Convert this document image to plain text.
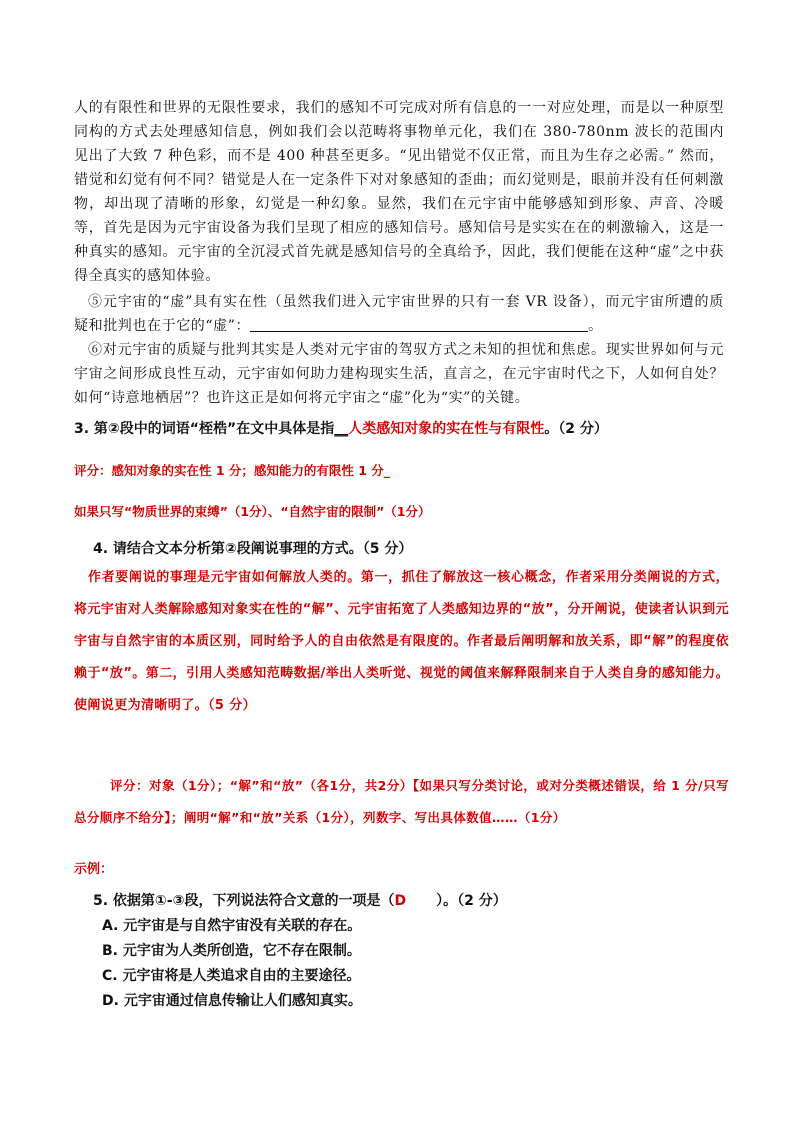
人的有限性和世界的无限性要求，我们的感知不可完成对所有信息的一一对应处理，而是以一种原型同构的方式去处理感知信息，例如我们会以范畴将事物单元化，我们在 380-780nm 波长的范围内见出了大致 7 种色彩，而不是 400 种甚至更多。“见出错觉不仅正常，而且为生存之必需。” 然而，错觉和幻觉有何不同？错觉是人在一定条件下对对象感知的歪曲；而幻觉则是，眼前并没有任何刺激物，却出现了清晰的形象，幻觉是一种幻象。显然，我们在元宇宙中能够感知到形象、声音、冷暖等，首先是因为元宇宙设备为我们呈现了相应的感知信号。感知信号是实实在在的刺激输入，这是一种真实的感知。元宇宙的全沉浸式首先就是感知信号的全真给予，因此，我们便能在这种“虚”之中获得全真实的感知体验。

⑤元宇宙的“虚”具有实在性（虽然我们进入元宇宙世界的只有一套 VR 设备），而元宇宙所遭的质疑和批判也在于它的“虚”：	。

⑥对元宇宙的质疑与批判其实是人类对元宇宙的驾驭方式之未知的担忧和焦虑。现实世界如何与元宇宙之间形成良性互动，元宇宙如何助力建构现实生活，直言之，在元宇宙时代之下，人如何自处？如何“诗意地栖居”？也许这正是如何将元宇宙之“虚”化为“实”的关键。

3. 第②段中的词语“桎梏”在文中具体是指__人类感知对象的实在性与有限性。（2 分）

评分：感知对象的实在性 1 分；感知能力的有限性 1 分_

如果只写“物质世界的束缚”（1分）、“自然宇宙的限制”（1分）

4. 请结合文本分析第②段阐说事理的方式。（5 分）

作者要阐说的事理是元宇宙如何解放人类的。第一，抓住了解放这一核心概念，作者采用分类阐说的方式，将元宇宙对人类解除感知对象实在性的“解”、元宇宙拓宽了人类感知边界的“放”，分开阐说，使读者认识到元宇宙与自然宇宙的本质区别，同时给予人的自由依然是有限度的。作者最后阐明解和放关系，即“解”的程度依赖于“放”。第二，引用人类感知范畴数据/举出人类听觉、视觉的阈值来解释限制来自于人类自身的感知能力。使阐说更为清晰明了。（5 分）

评分：对象（1分）；“解”和“放”（各1分，共2分）【如果只写分类讨论，或对分类概述错误，给 1 分/只写总分顺序不给分】；阐明“解”和“放”关系（1分），列数字、写出具体数值……（1分）

示例：

5. 依据第①-③段，下列说法符合文意的一项是（D ）。（2 分）

A. 元宇宙是与自然宇宙没有关联的存在。

B. 元宇宙为人类所创造，它不存在限制。

C. 元宇宙将是人类追求自由的主要途径。

D. 元宇宙通过信息传输让人们感知真实。
